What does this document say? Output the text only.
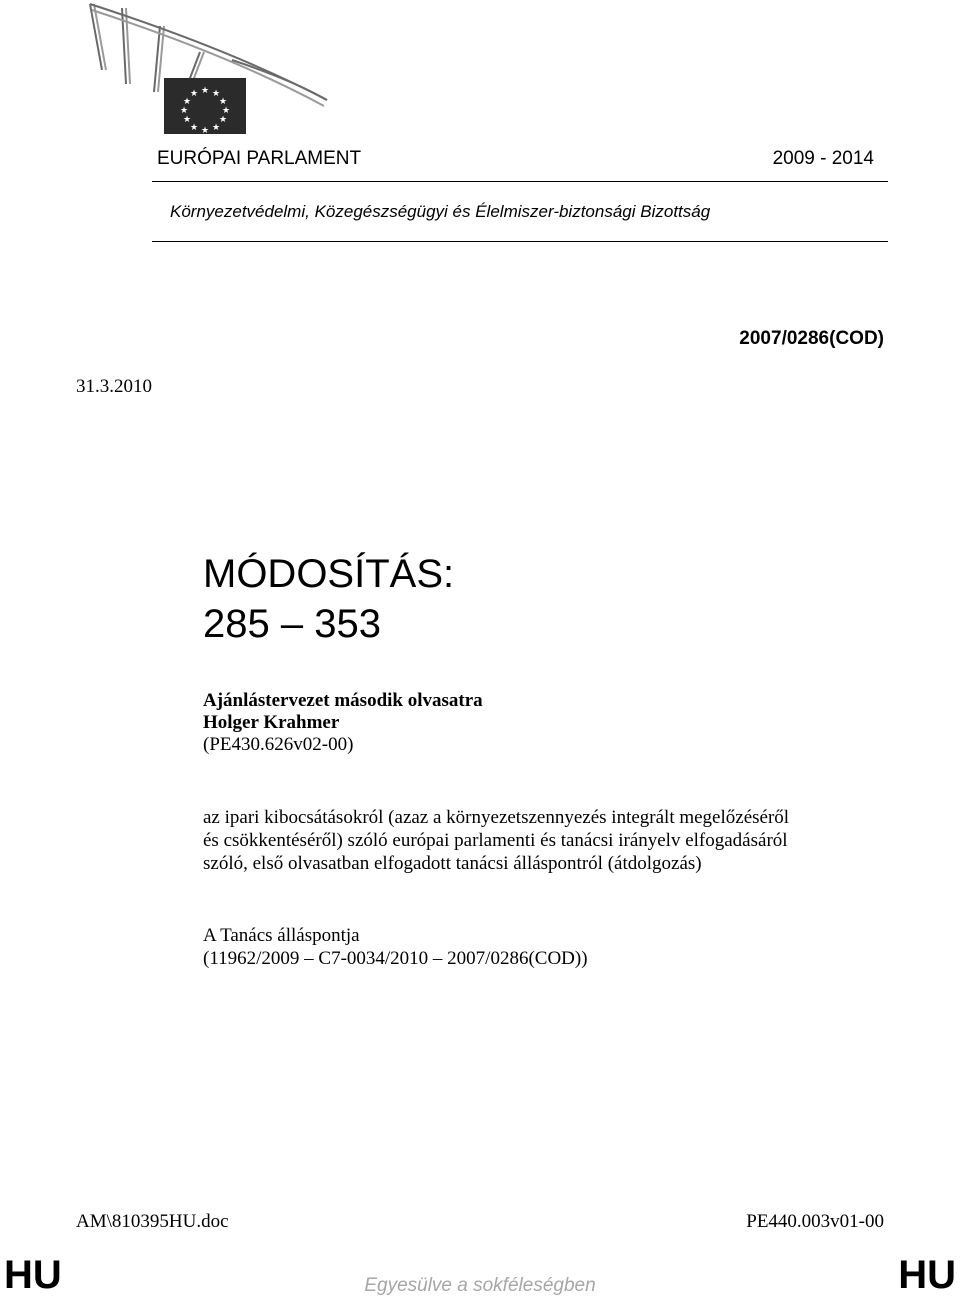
★ ★
★
★
★
★
★
★
★
★
★
★
EURÓPAI PARLAMENT	2009 - 2014
Környezetvédelmi, Közegészségügyi és Élelmiszer-biztonsági Bizottság
2007/0286(COD)
31.3.2010
MÓDOSÍTÁS:
285 – 353
Ajánlástervezet második olvasatra
Holger Krahmer
(PE430.626v02-00)
az ipari kibocsátásokról (azaz a környezetszennyezés integrált megelőzéséről
és csökkentéséről) szóló európai parlamenti és tanácsi irányelv elfogadásáról
szóló, első olvasatban elfogadott tanácsi álláspontról (átdolgozás)
A Tanács álláspontja
(11962/2009 – C7-0034/2010 – 2007/0286(COD))
AM\810395HU.doc	PE440.003v01-00
HU	Egyesülve a sokféleségben	HU
